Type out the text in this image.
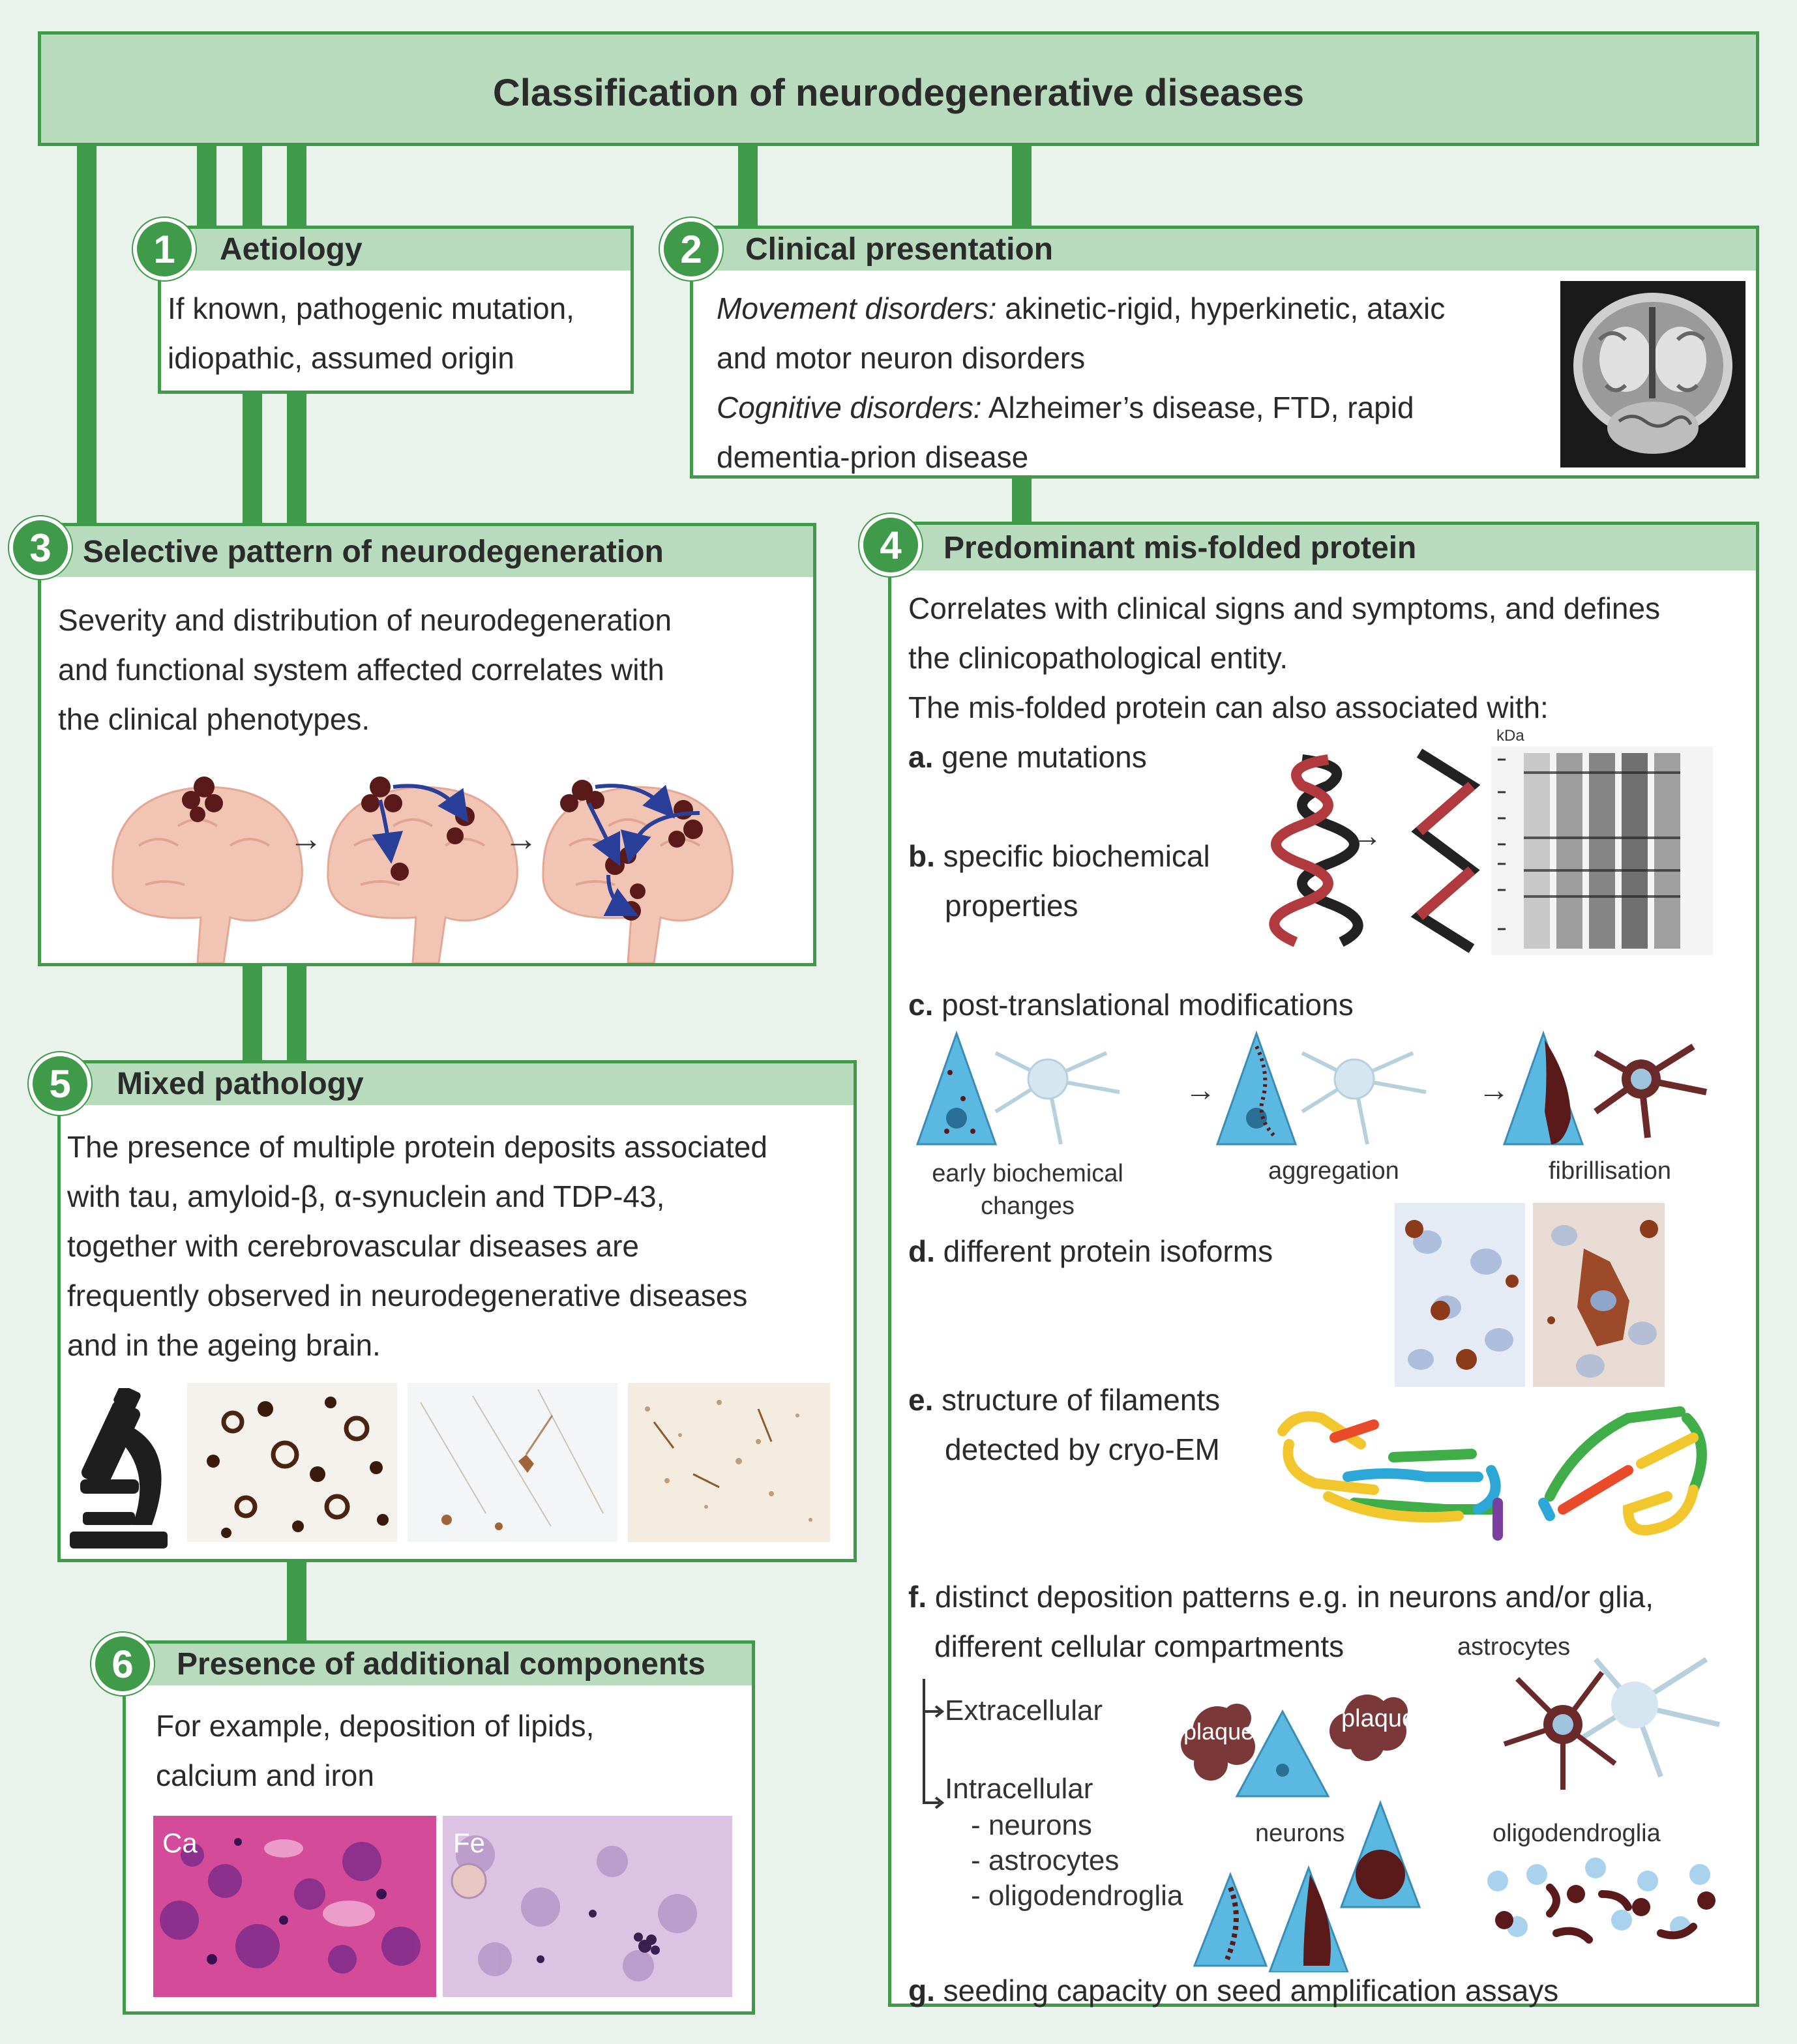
Classification of neurodegenerative diseases
Aetiology

If known, pathogenic mutation,

idiopathic, assumed origin

1	Clinical presentation

Movement disorders: akinetic-rigid, hyperkinetic, ataxic

and motor neuron disorders

Cognitive disorders: Alzheimer’s disease, FTD, rapid

dementia-prion disease

2
Selective pattern of neurodegeneration

Severity and distribution of neurodegeneration

and functional system affected correlates with

the clinical phenotypes.

→	→
3	Predominant mis-folded protein

Correlates with clinical signs and symptoms, and defines

the clinicopathological entity.

The mis-folded protein can also associated with:

a. gene mutations
b. specific biochemical
properties
→
kDa
c. post-translational modifications
→	→
early biochemical
changes
aggregation	fibrillisation
d. different protein isoforms
e. structure of filaments
detected by cryo-EM
f. distinct deposition patterns e.g. in neurons and/or glia,
different cellular compartments
Extracellular
Intracellular
- neurons
- astrocytes
- oligodendroglia
plaque	plaque
astrocytes
neurons	oligodendroglia
g. seeding capacity on seed amplification assays
4
Mixed pathology

The presence of multiple protein deposits associated

with tau, amyloid-β, α-synuclein and TDP-43,

together with cerebrovascular diseases are

frequently observed in neurodegenerative diseases

and in the ageing brain.

5
Presence of additional components

For example, deposition of lipids,

calcium and iron

Ca	Fe
6
